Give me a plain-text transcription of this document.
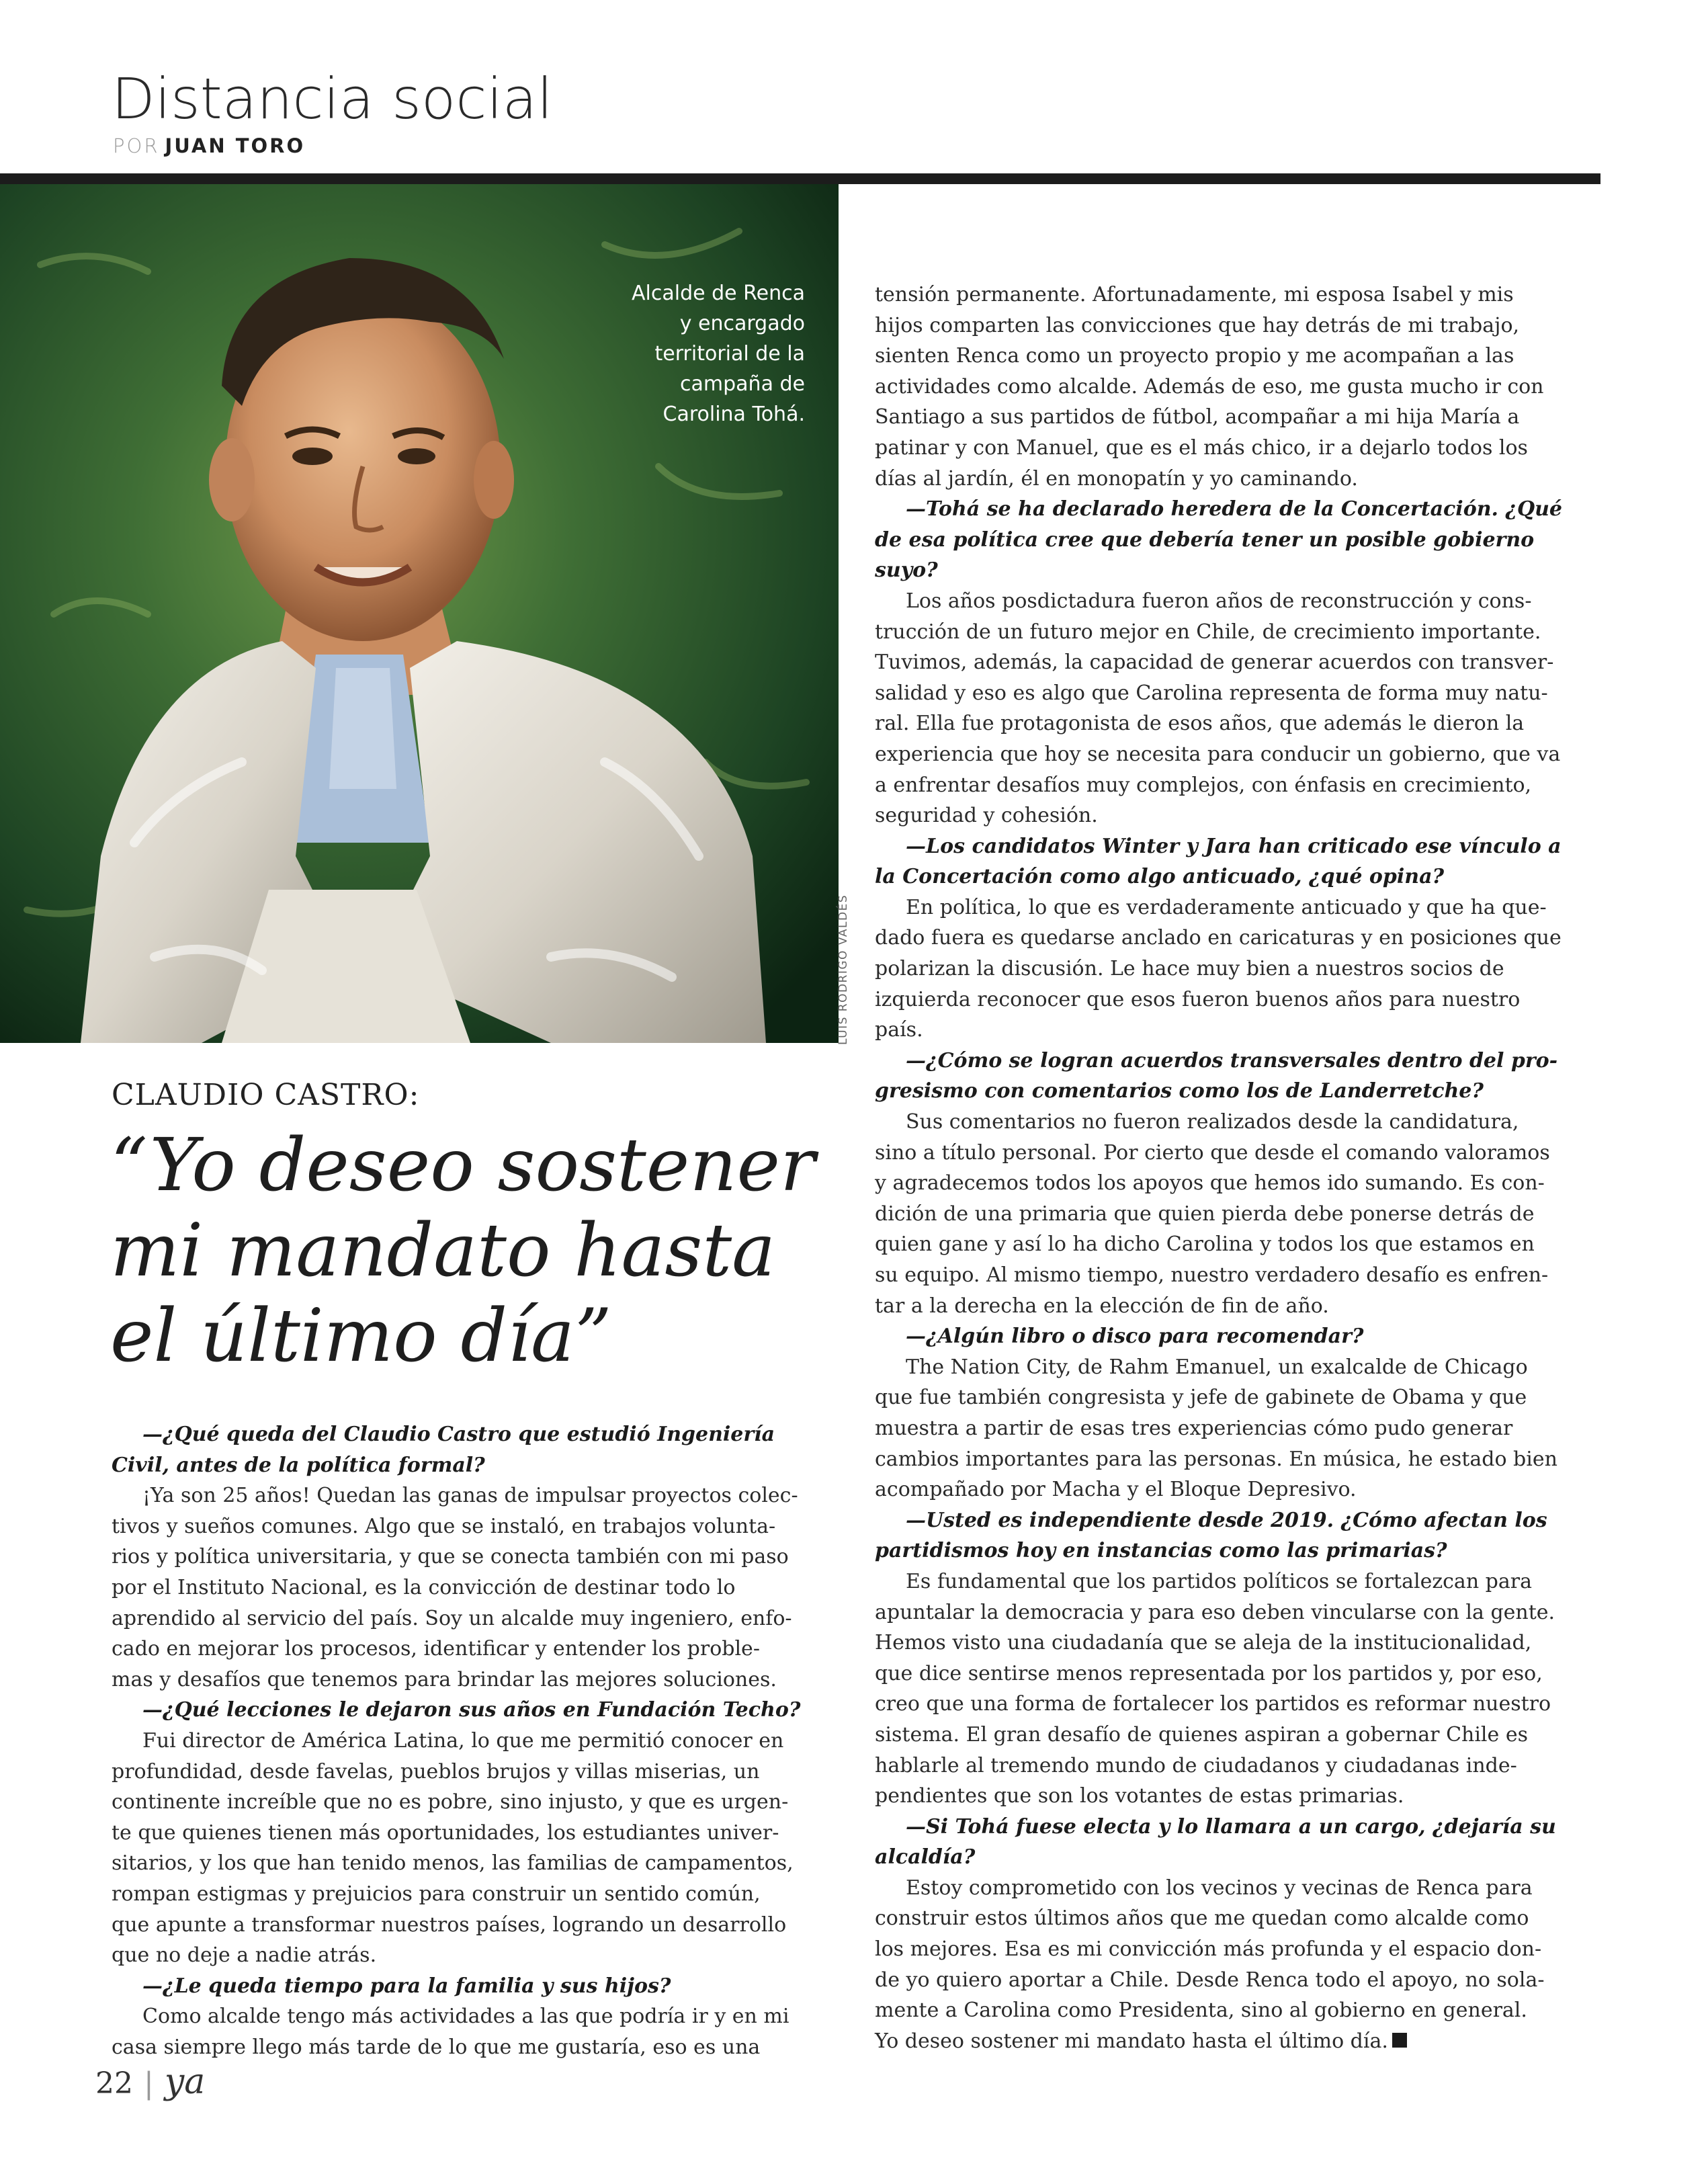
Distancia social
POR JUAN TORO
Alcalde de Renca
y encargado
territorial de la
campaña de
Carolina Tohá.
LUIS RODRIGO VALDÉS
CLAUDIO CASTRO:
“Yo deseo sostener
mi mandato hasta
el último día”

—¿Qué queda del Claudio Castro que estudió Ingeniería
Civil, antes de la política formal?

¡Ya son 25 años! Quedan las ganas de impulsar proyectos colec-
tivos y sueños comunes. Algo que se instaló, en trabajos volunta-
rios y política universitaria, y que se conecta también con mi paso
por el Instituto Nacional, es la convicción de destinar todo lo
aprendido al servicio del país. Soy un alcalde muy ingeniero, enfo-
cado en mejorar los procesos, identificar y entender los proble-
mas y desafíos que tenemos para brindar las mejores soluciones.

—¿Qué lecciones le dejaron sus años en Fundación Techo?

Fui director de América Latina, lo que me permitió conocer en
profundidad, desde favelas, pueblos brujos y villas miserias, un
continente increíble que no es pobre, sino injusto, y que es urgen-
te que quienes tienen más oportunidades, los estudiantes univer-
sitarios, y los que han tenido menos, las familias de campamentos,
rompan estigmas y prejuicios para construir un sentido común,
que apunte a transformar nuestros países, logrando un desarrollo
que no deje a nadie atrás.

—¿Le queda tiempo para la familia y sus hijos?

Como alcalde tengo más actividades a las que podría ir y en mi
casa siempre llego más tarde de lo que me gustaría, eso es una

tensión permanente. Afortunadamente, mi esposa Isabel y mis
hijos comparten las convicciones que hay detrás de mi trabajo,
sienten Renca como un proyecto propio y me acompañan a las
actividades como alcalde. Además de eso, me gusta mucho ir con
Santiago a sus partidos de fútbol, acompañar a mi hija María a
patinar y con Manuel, que es el más chico, ir a dejarlo todos los
días al jardín, él en monopatín y yo caminando.

—Tohá se ha declarado heredera de la Concertación. ¿Qué
de esa política cree que debería tener un posible gobierno
suyo?

Los años posdictadura fueron años de reconstrucción y cons-
trucción de un futuro mejor en Chile, de crecimiento importante.
Tuvimos, además, la capacidad de generar acuerdos con transver-
salidad y eso es algo que Carolina representa de forma muy natu-
ral. Ella fue protagonista de esos años, que además le dieron la
experiencia que hoy se necesita para conducir un gobierno, que va
a enfrentar desafíos muy complejos, con énfasis en crecimiento,
seguridad y cohesión.

—Los candidatos Winter y Jara han criticado ese vínculo a
la Concertación como algo anticuado, ¿qué opina?

En política, lo que es verdaderamente anticuado y que ha que-
dado fuera es quedarse anclado en caricaturas y en posiciones que
polarizan la discusión. Le hace muy bien a nuestros socios de
izquierda reconocer que esos fueron buenos años para nuestro
país.

—¿Cómo se logran acuerdos transversales dentro del pro-
gresismo con comentarios como los de Landerretche?

Sus comentarios no fueron realizados desde la candidatura,
sino a título personal. Por cierto que desde el comando valoramos
y agradecemos todos los apoyos que hemos ido sumando. Es con-
dición de una primaria que quien pierda debe ponerse detrás de
quien gane y así lo ha dicho Carolina y todos los que estamos en
su equipo. Al mismo tiempo, nuestro verdadero desafío es enfren-
tar a la derecha en la elección de fin de año.

—¿Algún libro o disco para recomendar?

The Nation City, de Rahm Emanuel, un exalcalde de Chicago
que fue también congresista y jefe de gabinete de Obama y que
muestra a partir de esas tres experiencias cómo pudo generar
cambios importantes para las personas. En música, he estado bien
acompañado por Macha y el Bloque Depresivo.

—Usted es independiente desde 2019. ¿Cómo afectan los
partidismos hoy en instancias como las primarias?

Es fundamental que los partidos políticos se fortalezcan para
apuntalar la democracia y para eso deben vincularse con la gente.
Hemos visto una ciudadanía que se aleja de la institucionalidad,
que dice sentirse menos representada por los partidos y, por eso,
creo que una forma de fortalecer los partidos es reformar nuestro
sistema. El gran desafío de quienes aspiran a gobernar Chile es
hablarle al tremendo mundo de ciudadanos y ciudadanas inde-
pendientes que son los votantes de estas primarias.

—Si Tohá fuese electa y lo llamara a un cargo, ¿dejaría su
alcaldía?

Estoy comprometido con los vecinos y vecinas de Renca para
construir estos últimos años que me quedan como alcalde como
los mejores. Esa es mi convicción más profunda y el espacio don-
de yo quiero aportar a Chile. Desde Renca todo el apoyo, no sola-
mente a Carolina como Presidenta, sino al gobierno en general.
Yo deseo sostener mi mandato hasta el último día.

22 | ya
